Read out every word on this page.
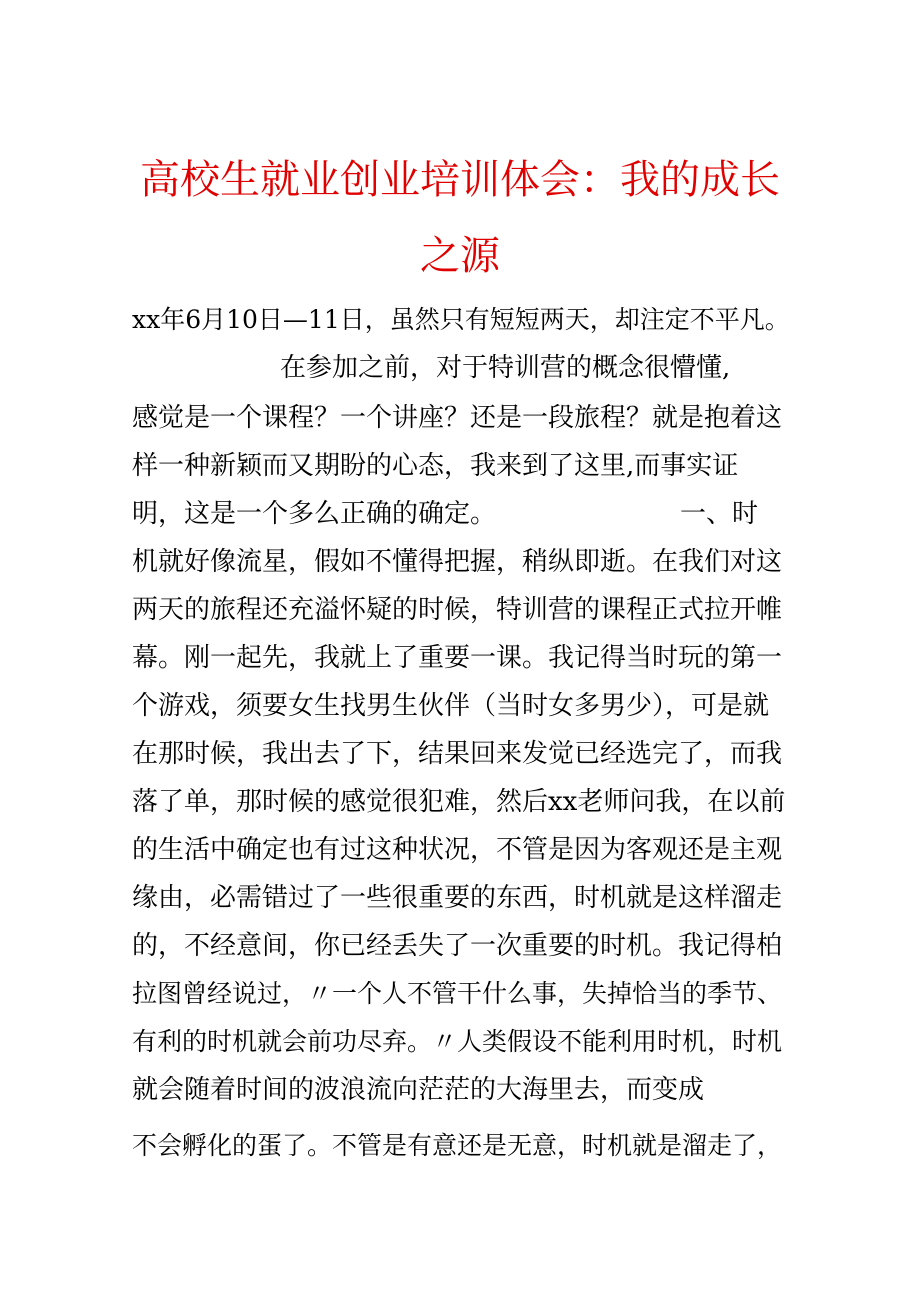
高校生就业创业培训体会：我的成长
之源
xx年6月10日—11日，虽然只有短短两天，却注定不平凡。
在参加之前，对于特训营的概念很懵懂,
感觉是一个课程？一个讲座？还是一段旅程？就是抱着这
样一种新颖而又期盼的心态，我来到了这里,而事实证
明，这是一个多么正确的确定。	一、时
机就好像流星，假如不懂得把握，稍纵即逝。在我们对这
两天的旅程还充溢怀疑的时候，特训营的课程正式拉开帷
幕。刚一起先，我就上了重要一课。我记得当时玩的第一
个游戏，须要女生找男生伙伴（当时女多男少），可是就
在那时候，我出去了下，结果回来发觉已经选完了，而我
落了单，那时候的感觉很犯难，然后xx老师问我，在以前
的生活中确定也有过这种状况，不管是因为客观还是主观
缘由，必需错过了一些很重要的东西，时机就是这样溜走
的，不经意间，你已经丢失了一次重要的时机。我记得柏
拉图曾经说过，〃一个人不管干什么事，失掉恰当的季节、
有利的时机就会前功尽弃。〃人类假设不能利用时机，时机
就会随着时间的波浪流向茫茫的大海里去，而变成
不会孵化的蛋了。不管是有意还是无意，时机就是溜走了，
